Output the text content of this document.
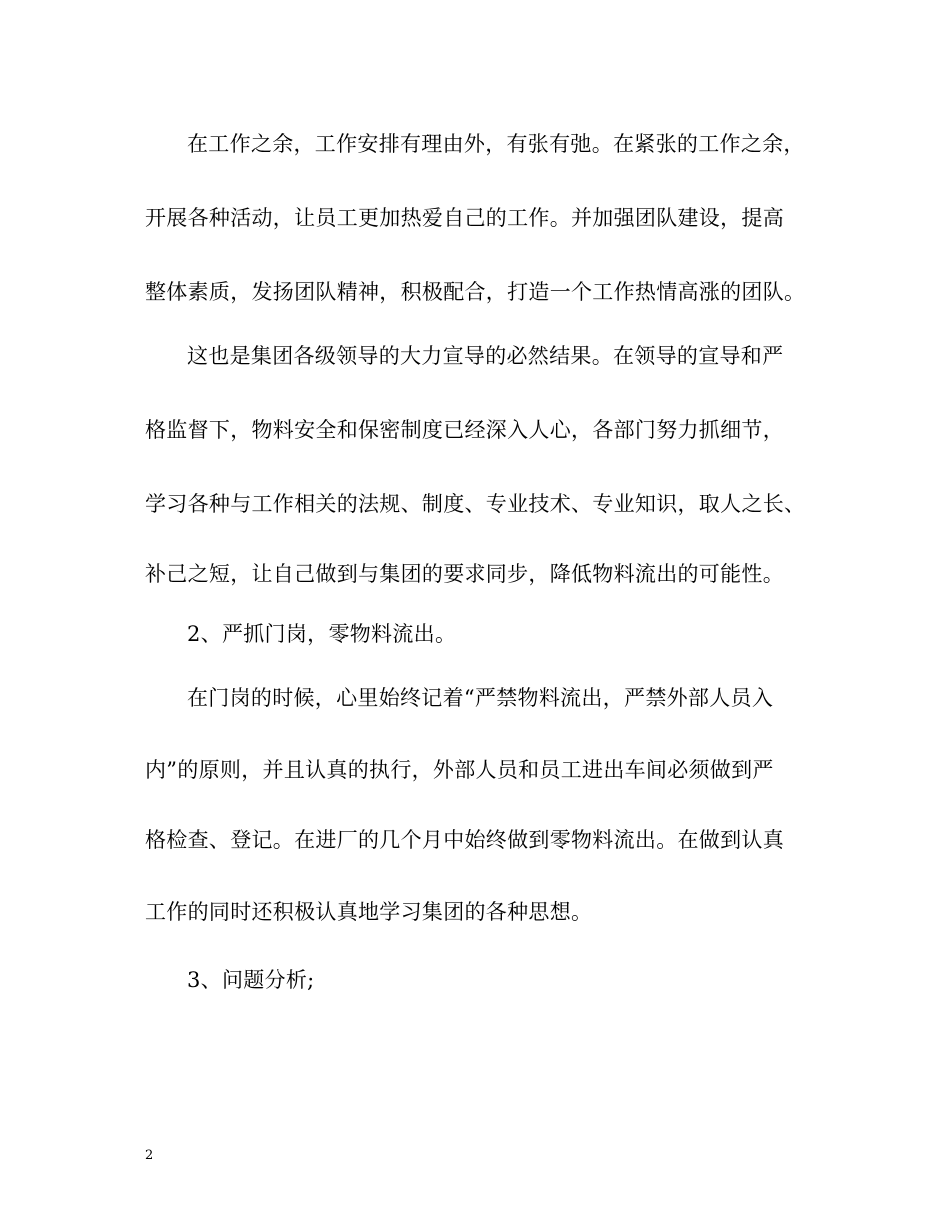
在工作之余，工作安排有理由外，有张有弛。在紧张的工作之余，
开展各种活动，让员工更加热爱自己的工作。并加强团队建设，提高
整体素质，发扬团队精神，积极配合，打造一个工作热情高涨的团队。
这也是集团各级领导的大力宣导的必然结果。在领导的宣导和严
格监督下，物料安全和保密制度已经深入人心，各部门努力抓细节，
学习各种与工作相关的法规、制度、专业技术、专业知识，取人之长、
补己之短，让自己做到与集团的要求同步，降低物料流出的可能性。
2、严抓门岗，零物料流出。
在门岗的时候，心里始终记着“严禁物料流出，严禁外部人员入
内”的原则，并且认真的执行，外部人员和员工进出车间必须做到严
格检查、登记。在进厂的几个月中始终做到零物料流出。在做到认真
工作的同时还积极认真地学习集团的各种思想。
3、问题分析;
2
